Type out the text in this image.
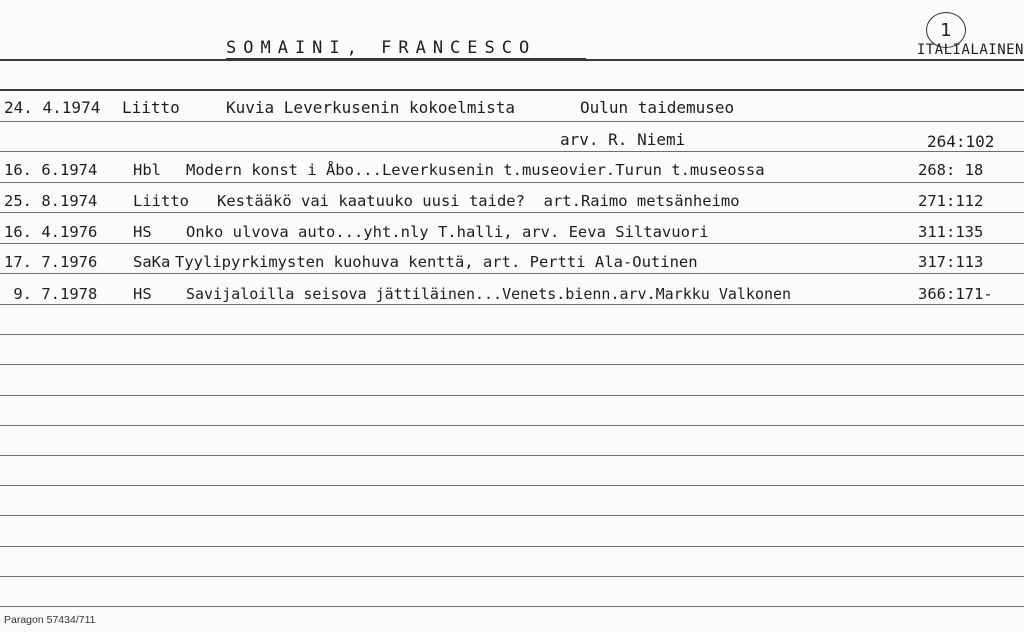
1
SOMAINI, FRANCESCO	ITALIALAINEN
24. 4.1974 Liitto	Kuvia Leverkusenin kokoelmista	Oulun taidemuseo
arv. R. Niemi	264:102
16. 6.1974 Hbl Modern konst i Åbo...Leverkusenin t.museovier.Turun t.museossa	268: 18
25. 8.1974 Liitto Kestääkö vai kaatuuko uusi taide?  art.Raimo metsänheimo	271:112
16. 4.1976 HS Onko ulvova auto...yht.nly T.halli, arv. Eeva Siltavuori	311:135
17. 7.1976 SaKa Tyylipyrkimysten kuohuva kenttä, art. Pertti Ala-Outinen	317:113
9. 7.1978 HS Savijaloilla seisova jättiläinen...Venets.bienn.arv.Markku Valkonen	366:171-
Paragon 57434/711
